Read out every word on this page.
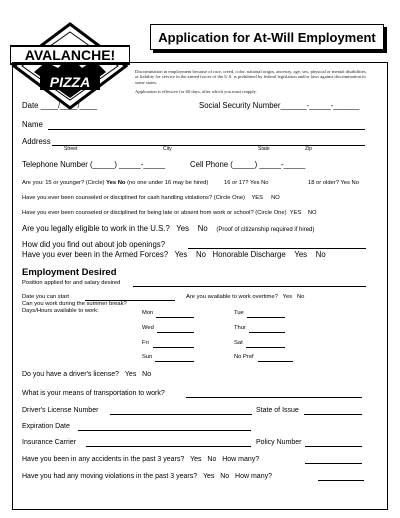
AVALANCHE!
PIZZA
Application for At-Will Employment
Discrimination in employment because of race, creed, color, national origin, ancestry, age, sex, physical or mental disabilities, or liability for service in the armed forces of the U.S. is prohibited by federal legislation and/or laws against discrimination in some states.
Application is effective for 60 days, after which you must reapply.
Date ____/____/____	Social Security Number______-_____-______
Name
Address
Street	City	State	Zip
Telephone Number (_____) _____-_____	Cell Phone (_____) _____-_____
Are you: 15 or younger? (Circle) Yes No (no one under 16 may be hired)	16 or 17? Yes No	18 or older? Yes No
Have you ever been counseled or disciplined for cash handling violations? (Circle One) YES NO
Have you ever been counseled or disciplined for being late or absent from work or school? (Circle One) YES NO
Are you legally eligible to work in the U.S.? Yes No (Proof of citizenship required if hired)
How did you find out about job openings?
Have you ever been in the Armed Forces? Yes No Honorable Discharge Yes No
Employment Desired
Position applied for and salary desired
Date you can start	Are you available to work overtime? Yes No
Can you work during the summer break?
Days/Hours available to work:	Mon	Tue
Wed	Thur
Fri	Sat
Sun	No Pref
Do you have a driver's license? Yes No
What is your means of transportation to work?
Driver's License Number	State of Issue
Expiration Date
Insurance Carrier	Policy Number
Have you been in any accidents in the past 3 years? Yes No How many?
Have you had any moving violations in the past 3 years? Yes No How many?
